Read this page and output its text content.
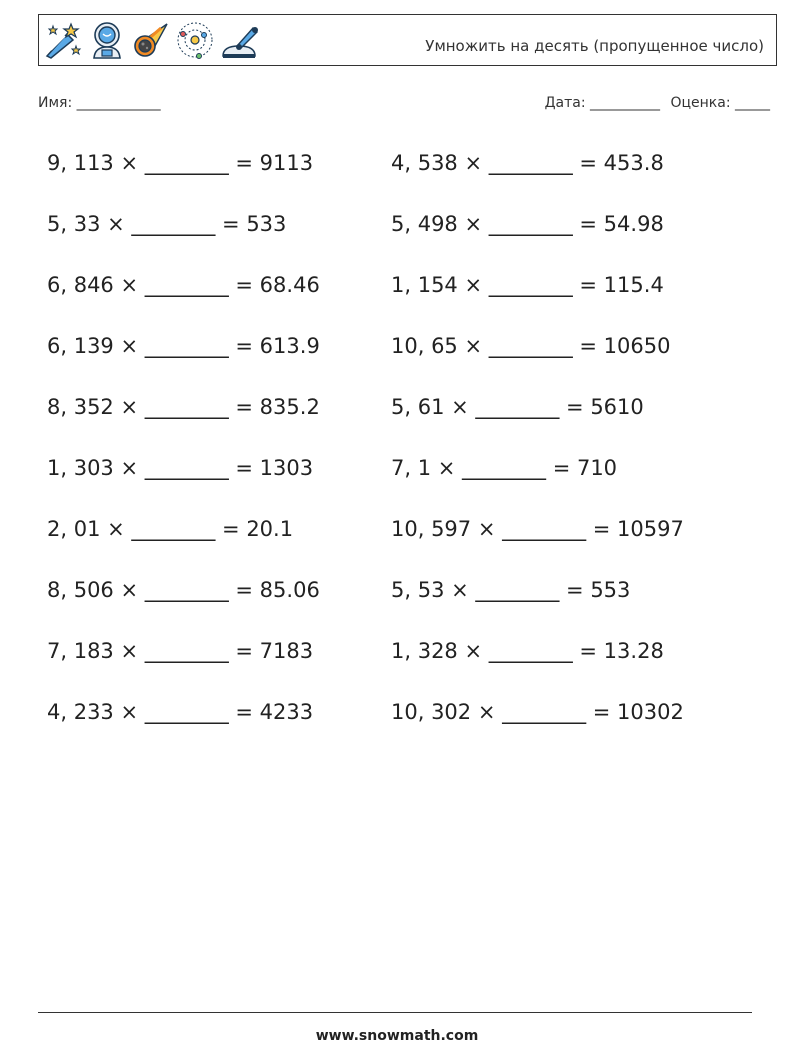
Умножить на десять (пропущенное число)
Имя: ____________	Дата: __________ Оценка: _____
9, 113 × ________ = 9113
5, 33 × ________ = 533
6, 846 × ________ = 68.46
6, 139 × ________ = 613.9
8, 352 × ________ = 835.2
1, 303 × ________ = 1303
2, 01 × ________ = 20.1
8, 506 × ________ = 85.06
7, 183 × ________ = 7183
4, 233 × ________ = 4233
4, 538 × ________ = 453.8
5, 498 × ________ = 54.98
1, 154 × ________ = 115.4
10, 65 × ________ = 10650
5, 61 × ________ = 5610
7, 1 × ________ = 710
10, 597 × ________ = 10597
5, 53 × ________ = 553
1, 328 × ________ = 13.28
10, 302 × ________ = 10302
www.snowmath.com
